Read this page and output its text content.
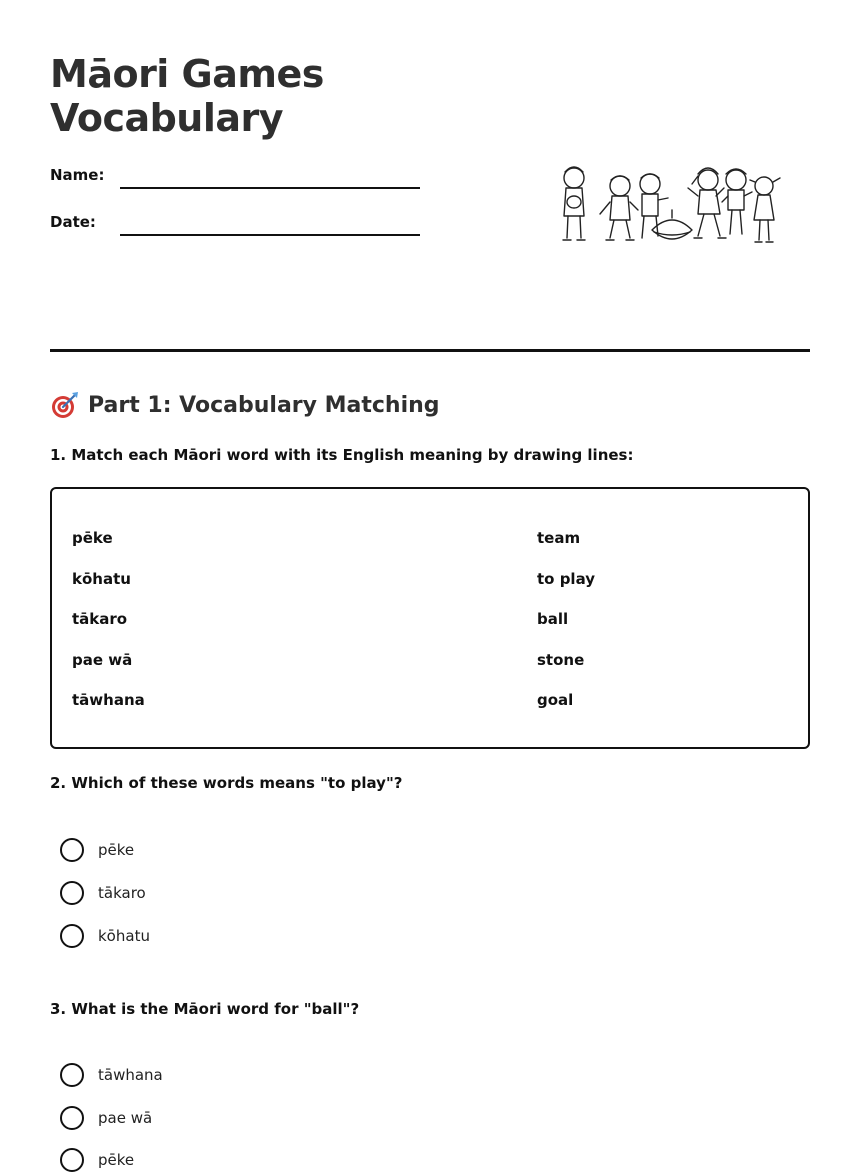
Māori Games
Vocabulary
Name:
Date:
Part 1: Vocabulary Matching
1. Match each Māori word with its English meaning by drawing lines:
pēke
kōhatu
tākaro
pae wā
tāwhana
team
to play
ball
stone
goal
2. Which of these words means "to play"?
pēke
tākaro
kōhatu
3. What is the Māori word for "ball"?
tāwhana
pae wā
pēke
